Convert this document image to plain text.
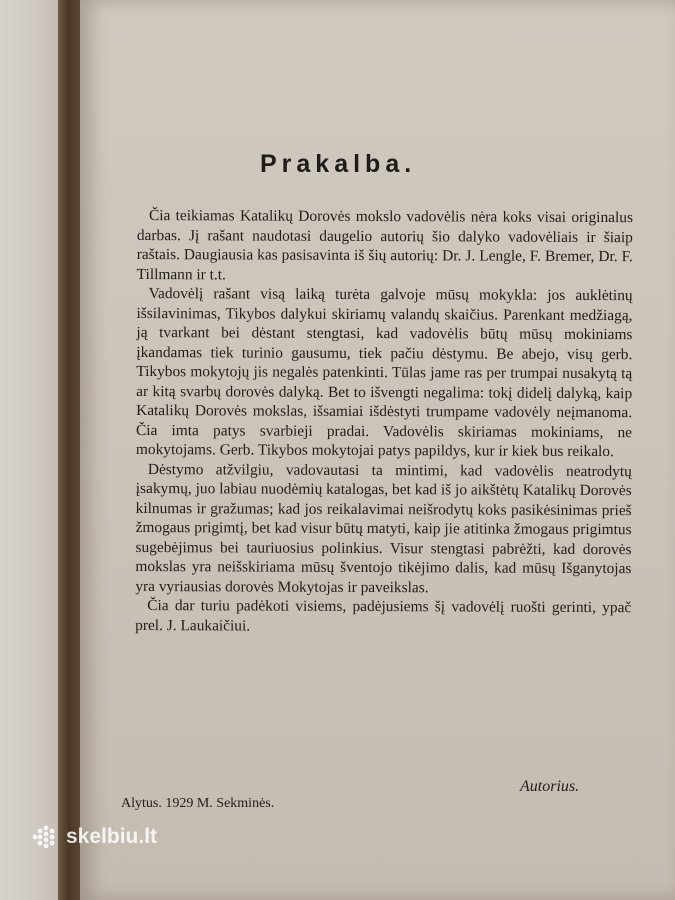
Prakalba.

Čia teikiamas Katalikų Dorovės mokslo vadovėlis nėra koks visai originalus darbas. Jį rašant naudotasi daugelio autorių šio dalyko vadovėliais ir šiaip raštais. Daugiausia kas pasisavinta iš šių autorių: Dr. J. Lengle, F. Bremer, Dr. F. Tillmann ir t.t.

Vadovėlį rašant visą laiką turėta galvoje mūsų mokykla: jos auklėtinų išsilavinimas, Tikybos dalykui skiriamų valandų skaičius. Parenkant medžiagą, ją tvarkant bei dėstant stengtasi, kad vadovėlis būtų mūsų mokiniams įkandamas tiek turinio gausumu, tiek pačiu dėstymu. Be abejo, visų gerb. Tikybos mokytojų jis negalės patenkinti. Tūlas jame ras per trumpai nusakytą tą ar kitą svarbų dorovės dalyką. Bet to išvengti negalima: tokį didelį dalyką, kaip Katalikų Dorovės mokslas, išsamiai išdėstyti trumpame vadovėly neįmanoma. Čia imta patys svarbieji pradai. Vadovėlis skiriamas mokiniams, ne mokytojams. Gerb. Tikybos mokytojai patys papildys, kur ir kiek bus reikalo.

Dėstymo atžvilgiu, vadovautasi ta mintimi, kad vadovėlis neatrodytų įsakymų, juo labiau nuodėmių katalogas, bet kad iš jo aikštėtų Katalikų Dorovės kilnumas ir gražumas; kad jos reikalavimai neišrodytų koks pasikėsinimas prieš žmogaus prigimtį, bet kad visur būtų matyti, kaip jie atitinka žmogaus prigimtus sugebėjimus bei tauriuosius polinkius. Visur stengtasi pabrėžti, kad dorovės mokslas yra neišskiriama mūsų šventojo tikėjimo dalis, kad mūsų Išganytojas yra vyriausias dorovės Mokytojas ir paveikslas.

Čia dar turiu padėkoti visiems, padėjusiems šį vadovėlį ruošti gerinti, ypač prel. J. Laukaičiui.

Autorius.
Alytus. 1929 M. Sekminės.
skelbiu.lt
